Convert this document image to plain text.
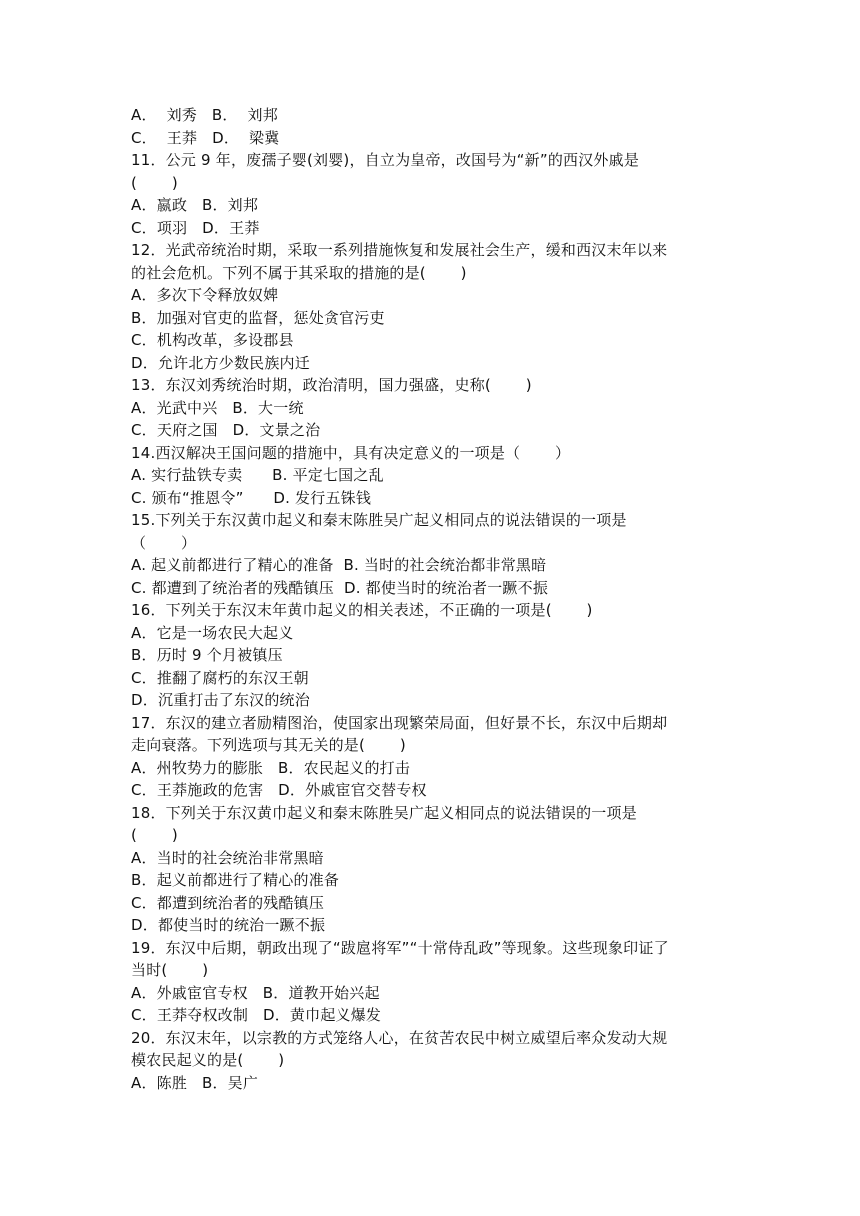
A．  刘秀   B．  刘邦
C．  王莽   D．  梁冀
11．公元 9 年，废孺子婴(刘婴)，自立为皇帝，改国号为“新”的西汉外戚是
(       )
A．嬴政   B．刘邦
C．项羽   D．王莽
12．光武帝统治时期，采取一系列措施恢复和发展社会生产，缓和西汉末年以来
的社会危机。下列不属于其采取的措施的是(       )
A．多次下令释放奴婢
B．加强对官吏的监督，惩处贪官污吏
C．机构改革，多设郡县
D．允许北方少数民族内迁
13．东汉刘秀统治时期，政治清明，国力强盛，史称(       )
A．光武中兴   B．大一统
C．天府之国   D．文景之治
14.西汉解决王国问题的措施中，具有决定意义的一项是（       ）
A. 实行盐铁专卖      B. 平定七国之乱
C. 颁布“推恩令”      D. 发行五铢钱
15.下列关于东汉黄巾起义和秦末陈胜吴广起义相同点的说法错误的一项是
（       ）
A. 起义前都进行了精心的准备  B. 当时的社会统治都非常黑暗
C. 都遭到了统治者的残酷镇压  D. 都使当时的统治者一蹶不振
16．下列关于东汉末年黄巾起义的相关表述，不正确的一项是(       )
A．它是一场农民大起义
B．历时 9 个月被镇压
C．推翻了腐朽的东汉王朝
D．沉重打击了东汉的统治
17．东汉的建立者励精图治，使国家出现繁荣局面，但好景不长，东汉中后期却
走向衰落。下列选项与其无关的是(       )
A．州牧势力的膨胀   B．农民起义的打击
C．王莽施政的危害   D．外戚宦官交替专权
18．下列关于东汉黄巾起义和秦末陈胜吴广起义相同点的说法错误的一项是
(       )
A．当时的社会统治非常黑暗
B．起义前都进行了精心的准备
C．都遭到统治者的残酷镇压
D．都使当时的统治一蹶不振
19．东汉中后期，朝政出现了“跋扈将军”“十常侍乱政”等现象。这些现象印证了
当时(       )
A．外戚宦官专权   B．道教开始兴起
C．王莽夺权改制   D．黄巾起义爆发
20．东汉末年，以宗教的方式笼络人心，在贫苦农民中树立威望后率众发动大规
模农民起义的是(       )
A．陈胜   B．吴广
